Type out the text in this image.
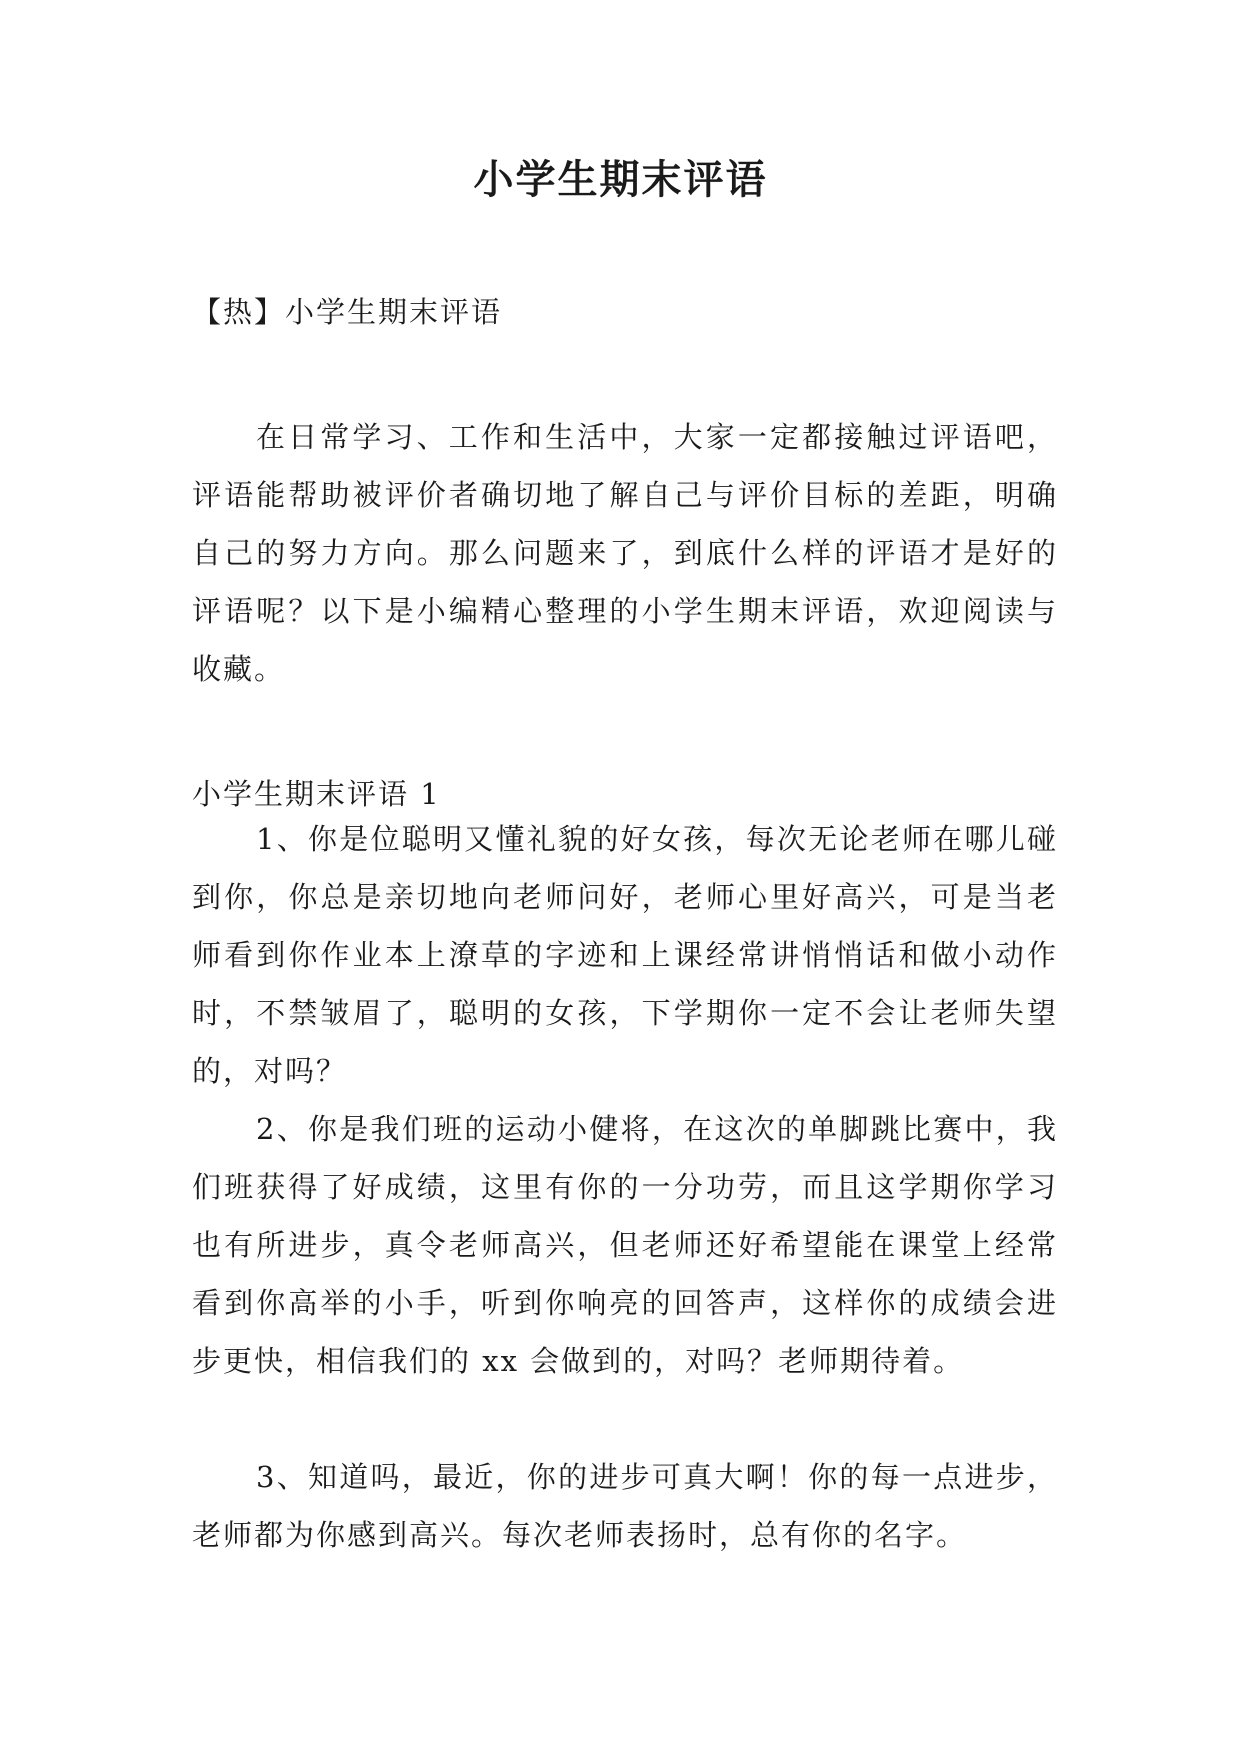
小学生期末评语
【热】小学生期末评语

在日常学习、工作和生活中，大家一定都接触过评语吧，评语能帮助被评价者确切地了解自己与评价目标的差距，明确自己的努力方向。那么问题来了，到底什么样的评语才是好的评语呢？以下是小编精心整理的小学生期末评语，欢迎阅读与收藏。

小学生期末评语 1

1、你是位聪明又懂礼貌的好女孩，每次无论老师在哪儿碰到你，你总是亲切地向老师问好，老师心里好高兴，可是当老师看到你作业本上潦草的字迹和上课经常讲悄悄话和做小动作时，不禁皱眉了，聪明的女孩，下学期你一定不会让老师失望的，对吗？

2、你是我们班的运动小健将，在这次的单脚跳比赛中，我们班获得了好成绩，这里有你的一分功劳，而且这学期你学习也有所进步，真令老师高兴，但老师还好希望能在课堂上经常看到你高举的小手，听到你响亮的回答声，这样你的成绩会进步更快，相信我们的 xx 会做到的，对吗？老师期待着。

3、知道吗，最近，你的进步可真大啊！你的每一点进步，老师都为你感到高兴。每次老师表扬时，总有你的名字。
